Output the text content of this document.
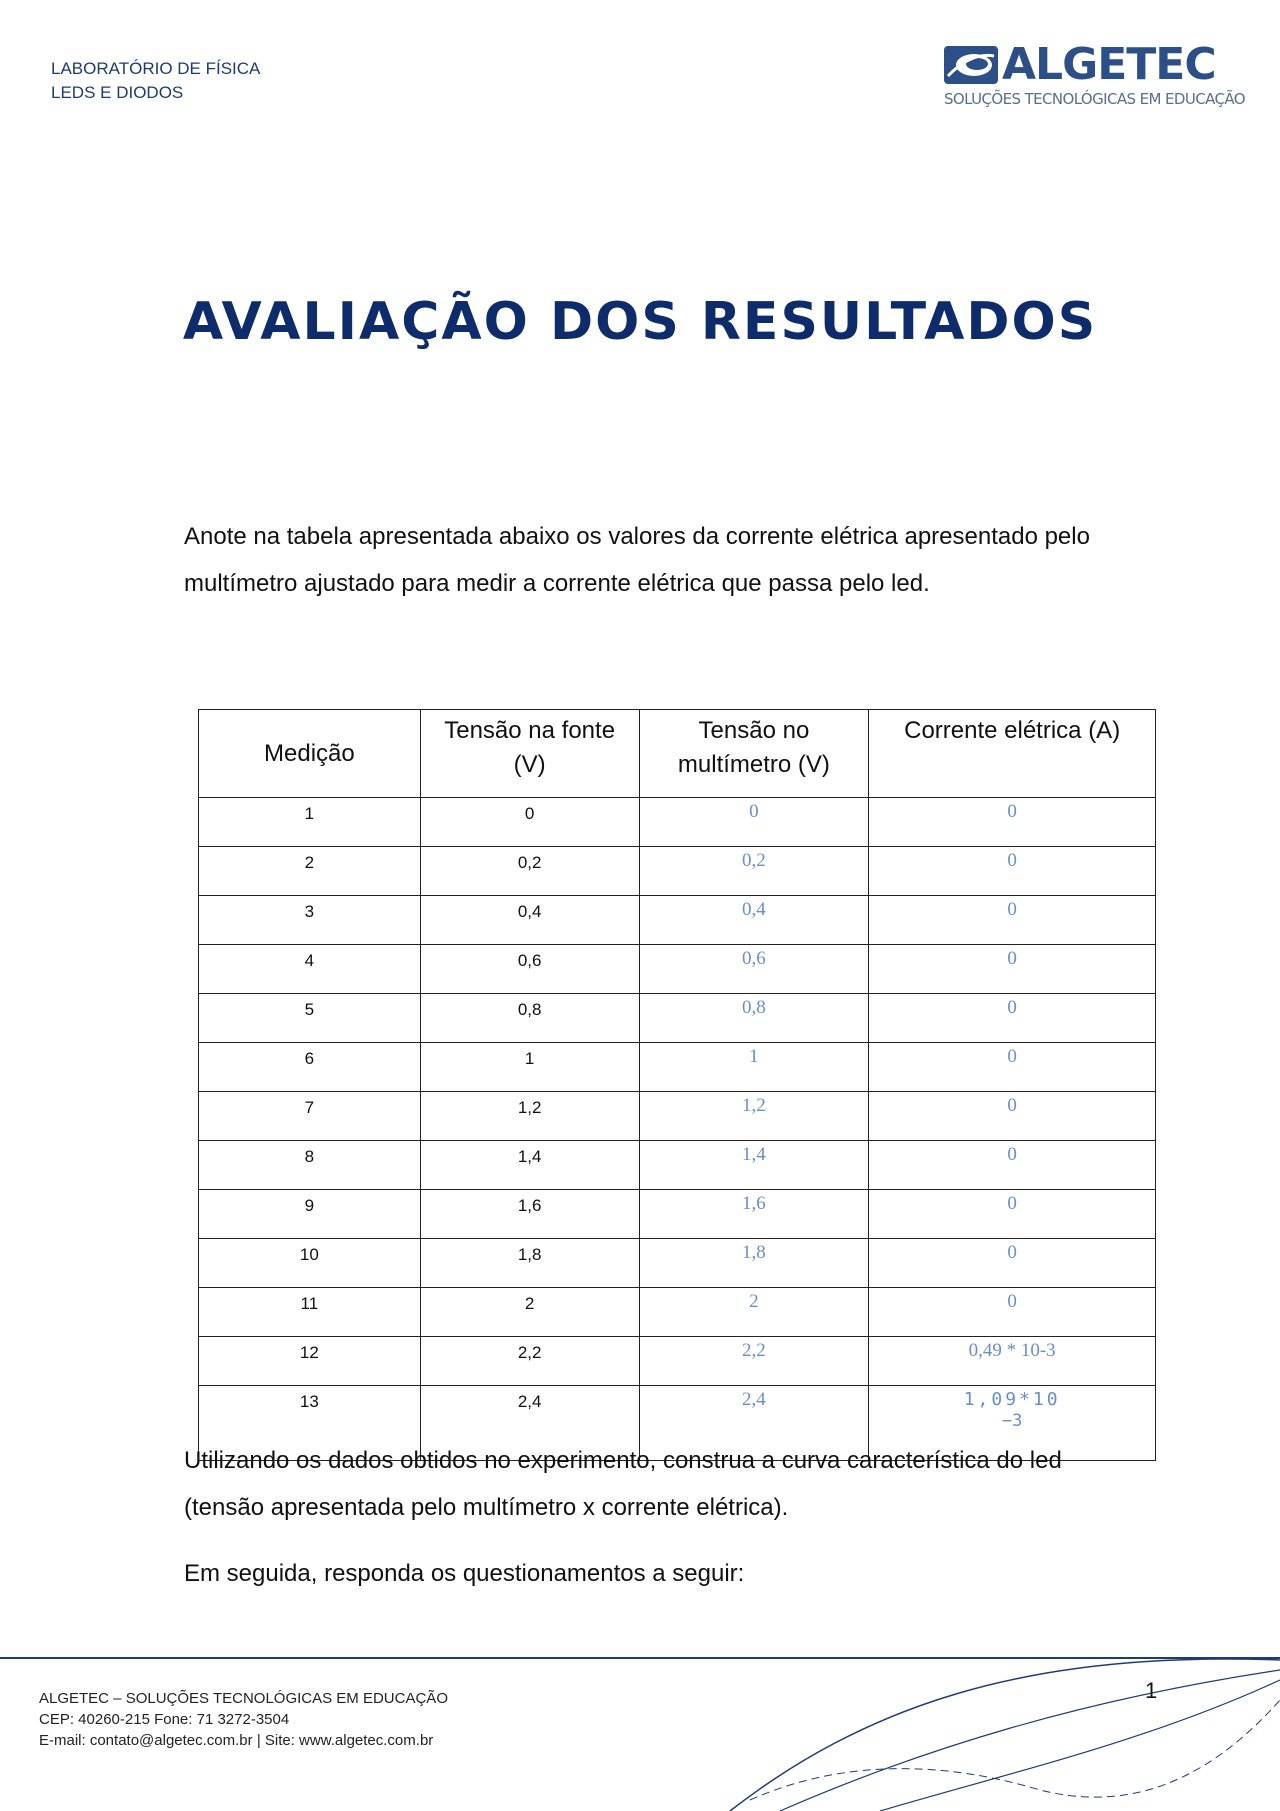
LABORATÓRIO DE FÍSICA
LEDS E DIODOS
ALGETEC
SOLUÇÕES TECNOLÓGICAS EM EDUCAÇÃO
AVALIAÇÃO DOS RESULTADOS
Anote na tabela apresentada abaixo os valores da corrente elétrica apresentado pelo multímetro ajustado para medir a corrente elétrica que passa pelo led.
Medição	Tensão na fonte (V)	Tensão no multímetro (V)	Corrente elétrica (A)
1	0	0	0
2	0,2	0,2	0
3	0,4	0,4	0
4	0,6	0,6	0
5	0,8	0,8	0
6	1	1	0
7	1,2	1,2	0
8	1,4	1,4	0
9	1,6	1,6	0
10	1,8	1,8	0
11	2	2	0
12	2,2	2,2	0,49 * 10-3
13	2,4	2,4	1,09*10
−3
Utilizando os dados obtidos no experimento, construa a curva característica do led (tensão apresentada pelo multímetro x corrente elétrica).
Em seguida, responda os questionamentos a seguir:
ALGETEC – SOLUÇÕES TECNOLÓGICAS EM EDUCAÇÃO
CEP: 40260-215 Fone: 71 3272-3504
E-mail: contato@algetec.com.br | Site: www.algetec.com.br
1
